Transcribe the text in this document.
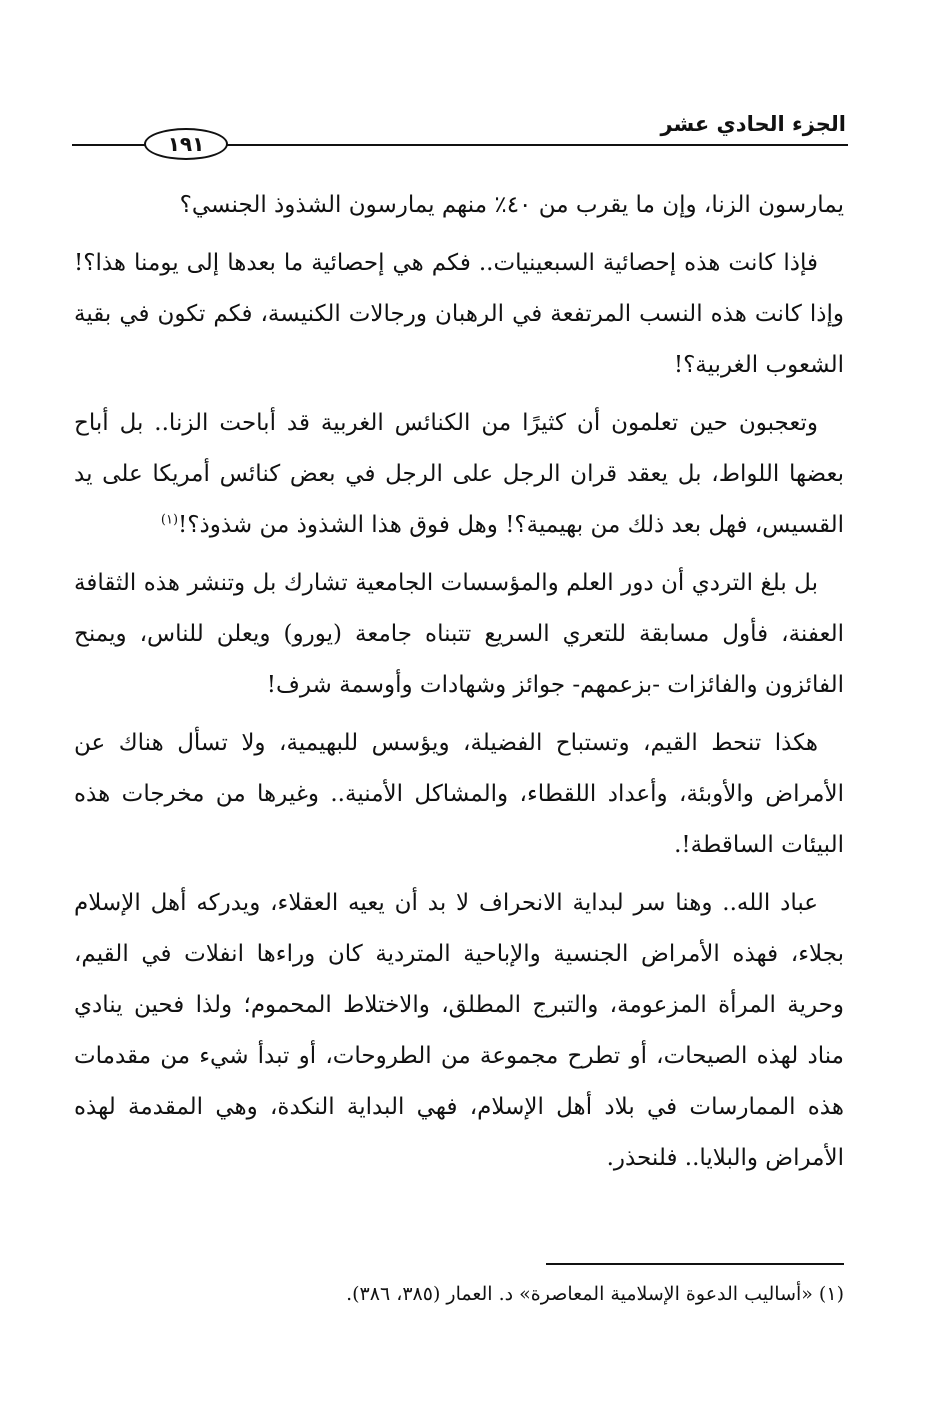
١٩١
الجزء الحادي عشر

يمارسون الزنا، وإن ما يقرب من ٤٠٪ منهم يمارسون الشذوذ الجنسي؟

فإذا كانت هذه إحصائية السبعينيات.. فكم هي إحصائية ما بعدها إلى يومنا هذا؟! وإذا كانت هذه النسب المرتفعة في الرهبان ورجالات الكنيسة، فكم تكون في بقية الشعوب الغربية؟!

وتعجبون حين تعلمون أن كثيرًا من الكنائس الغربية قد أباحت الزنا.. بل أباح بعضها اللواط، بل يعقد قران الرجل على الرجل في بعض كنائس أمريكا على يد القسيس، فهل بعد ذلك من بهيمية؟! وهل فوق هذا الشذوذ من شذوذ؟!$^{(١)}$

بل بلغ التردي أن دور العلم والمؤسسات الجامعية تشارك بل وتنشر هذه الثقافة العفنة، فأول مسابقة للتعري السريع تتبناه جامعة (يورو) ويعلن للناس، ويمنح الفائزون والفائزات -بزعمهم- جوائز وشهادات وأوسمة شرف!

هكذا تنحط القيم، وتستباح الفضيلة، ويؤسس للبهيمية، ولا تسأل هناك عن الأمراض والأوبئة، وأعداد اللقطاء، والمشاكل الأمنية.. وغيرها من مخرجات هذه البيئات الساقطة!.

عباد الله.. وهنا سر لبداية الانحراف لا بد أن يعيه العقلاء، ويدركه أهل الإسلام بجلاء، فهذه الأمراض الجنسية والإباحية المتردية كان وراءها انفلات في القيم، وحرية المرأة المزعومة، والتبرج المطلق، والاختلاط المحموم؛ ولذا فحين ينادي مناد لهذه الصيحات، أو تطرح مجموعة من الطروحات، أو تبدأ شيء من مقدمات هذه الممارسات في بلاد أهل الإسلام، فهي البداية النكدة، وهي المقدمة لهذه الأمراض والبلايا.. فلنحذر.

(١) «أساليب الدعوة الإسلامية المعاصرة» د. العمار (٣٨٥، ٣٨٦).
